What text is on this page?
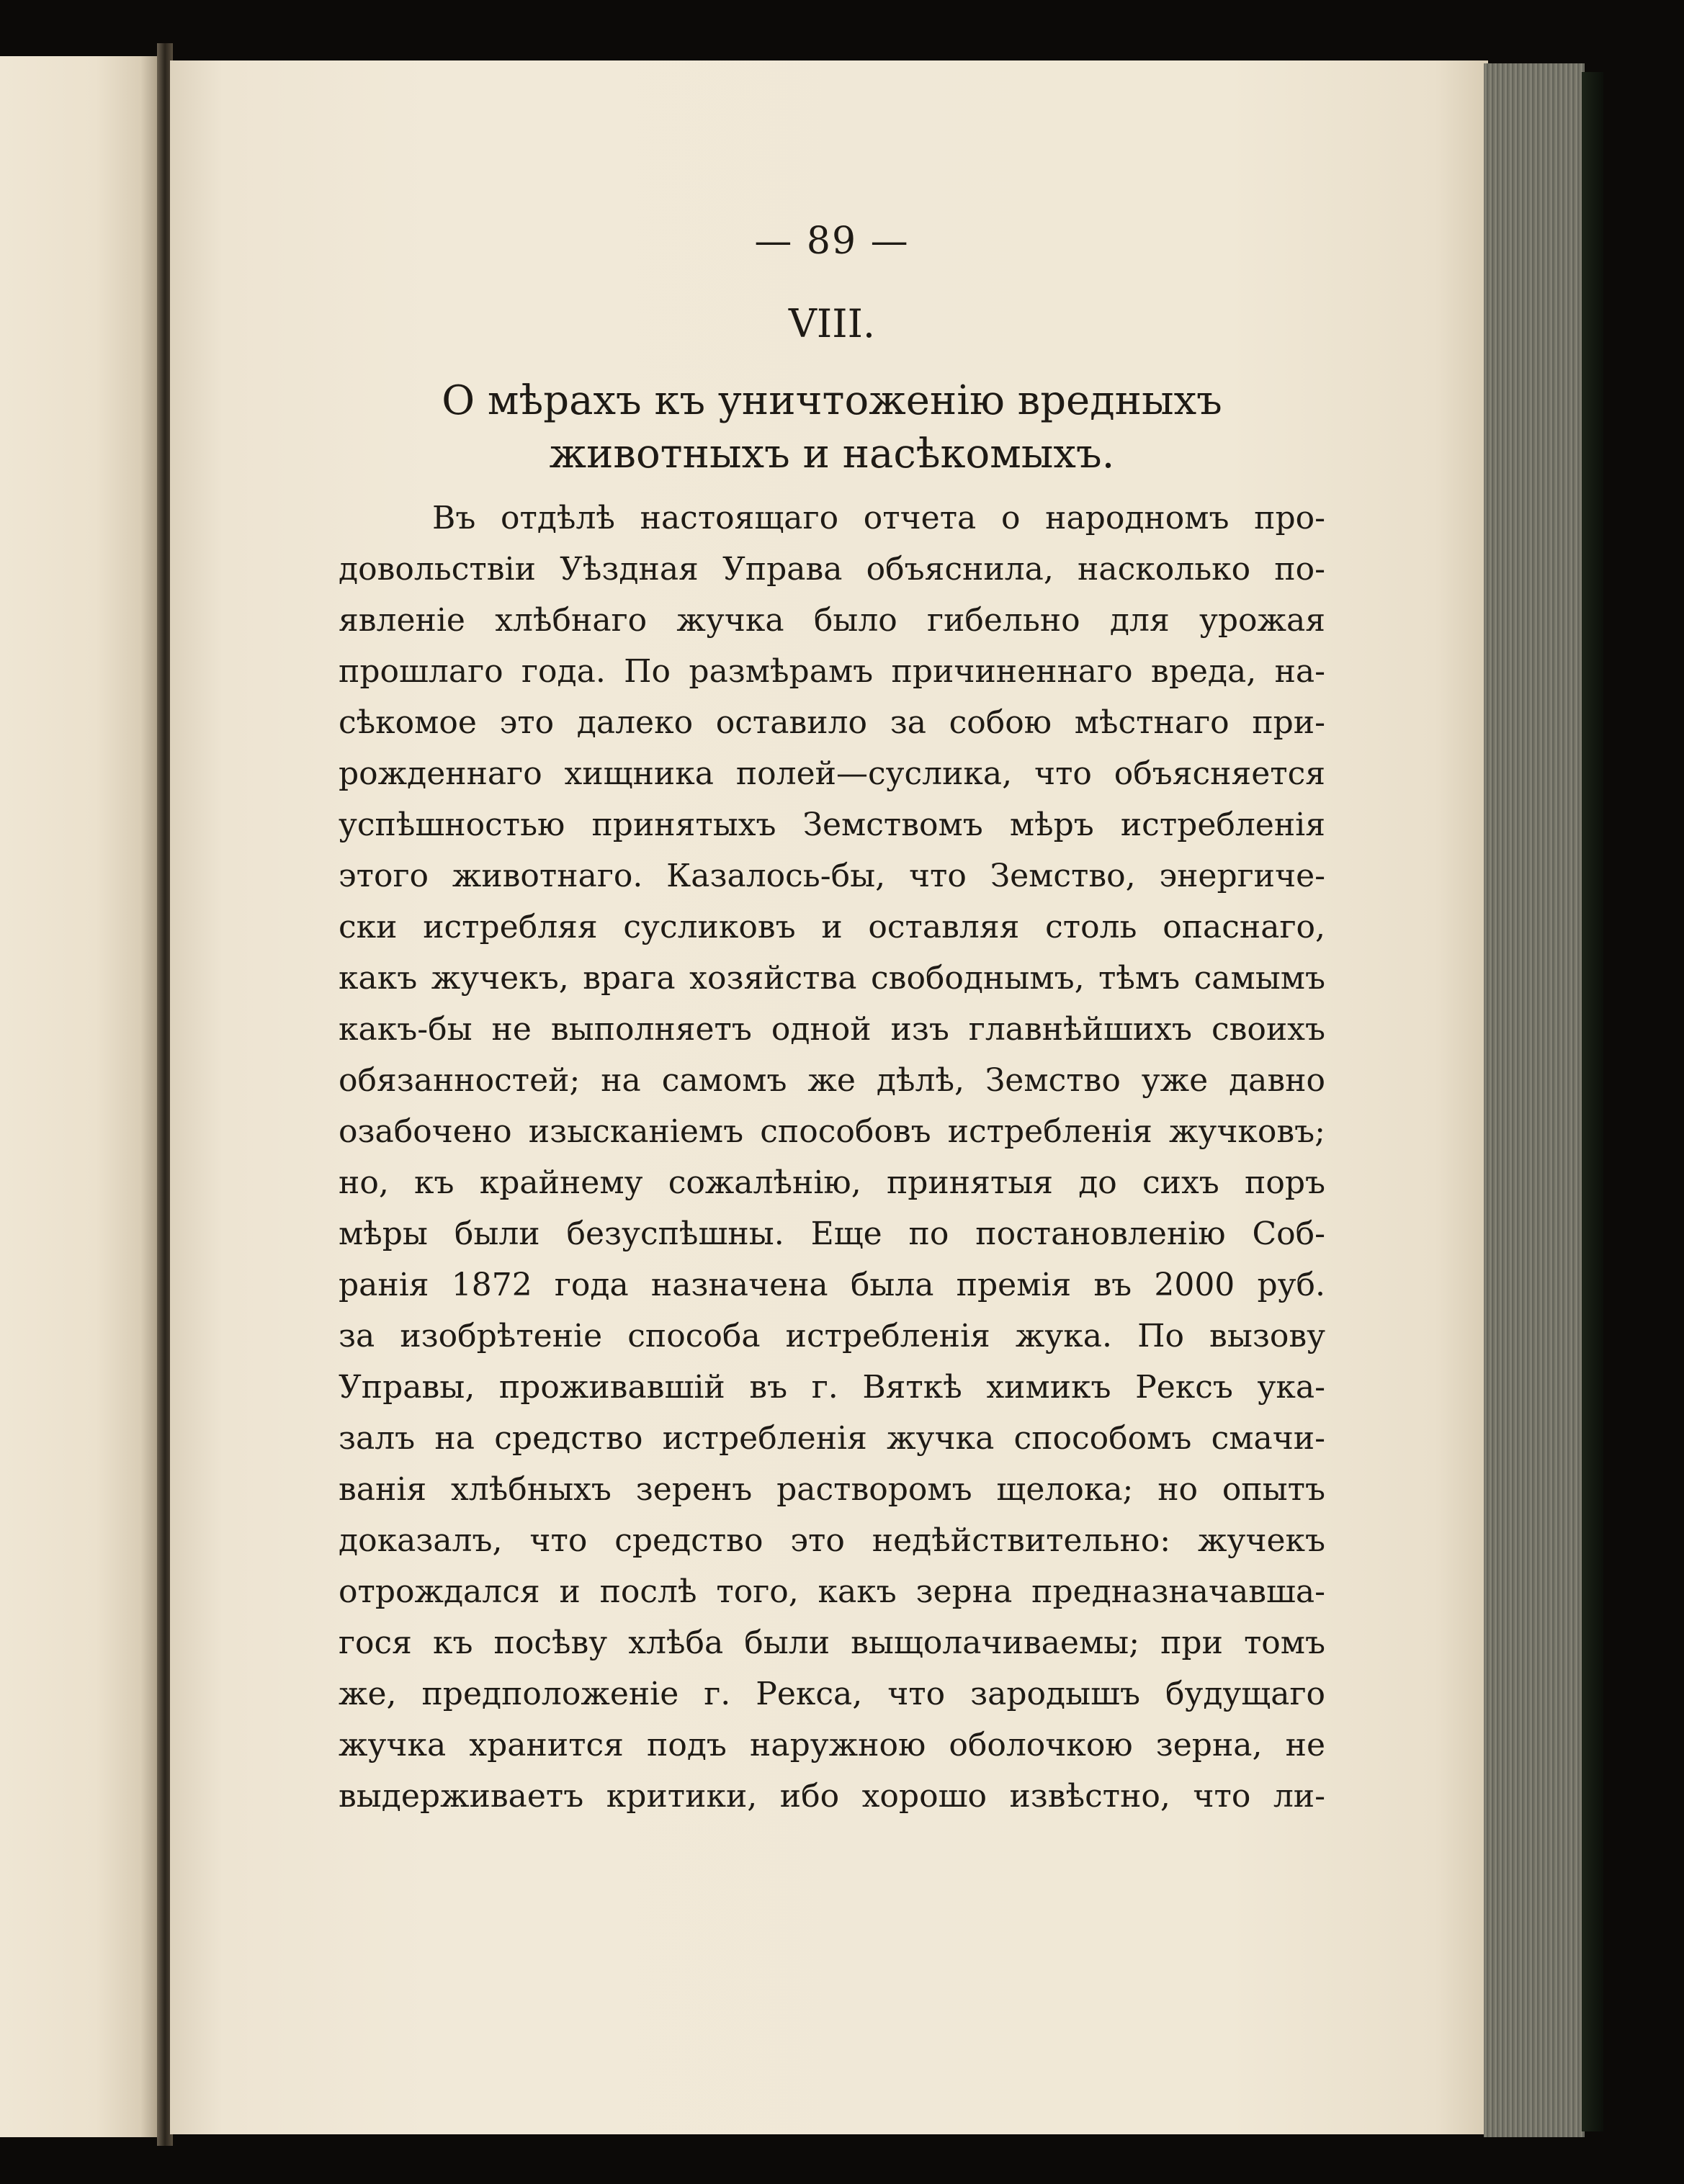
— 89 —
VIII.
О мѣрахъ къ уничтоженію вредныхъ
животныхъ и насѣкомыхъ.
Въ отдѣлѣ настоящаго отчета о народномъ про-
довольствіи Уѣздная Управа объяснила, насколько по-
явленіе хлѣбнаго жучка было гибельно для урожая
прошлаго года. По размѣрамъ причиненнаго вреда, на-
сѣкомое это далеко оставило за собою мѣстнаго при-
рожденнаго хищника полей—суслика, что объясняется
успѣшностью принятыхъ Земствомъ мѣръ истребленія
этого животнаго. Казалось-бы, что Земство, энергиче-
ски истребляя сусликовъ и оставляя столь опаснаго,
какъ жучекъ, врага хозяйства свободнымъ, тѣмъ самымъ
какъ-бы не выполняетъ одной изъ главнѣйшихъ своихъ
обязанностей; на самомъ же дѣлѣ, Земство уже давно
озабочено изысканіемъ способовъ истребленія жучковъ;
но, къ крайнему сожалѣнію, принятыя до сихъ поръ
мѣры были безуспѣшны. Еще по постановленію Соб-
ранія 1872 года назначена была премія въ 2000 руб.
за изобрѣтеніе способа истребленія жука. По вызову
Управы, проживавшій въ г. Вяткѣ химикъ Рексъ ука-
залъ на средство истребленія жучка способомъ смачи-
ванія хлѣбныхъ зеренъ растворомъ щелока; но опытъ
доказалъ, что средство это недѣйствительно: жучекъ
отрождался и послѣ того, какъ зерна предназначавша-
гося къ посѣву хлѣба были выщолачиваемы; при томъ
же, предположеніе г. Рекса, что зародышъ будущаго
жучка хранится подъ наружною оболочкою зерна, не
выдерживаетъ критики, ибо хорошо извѣстно, что ли-
